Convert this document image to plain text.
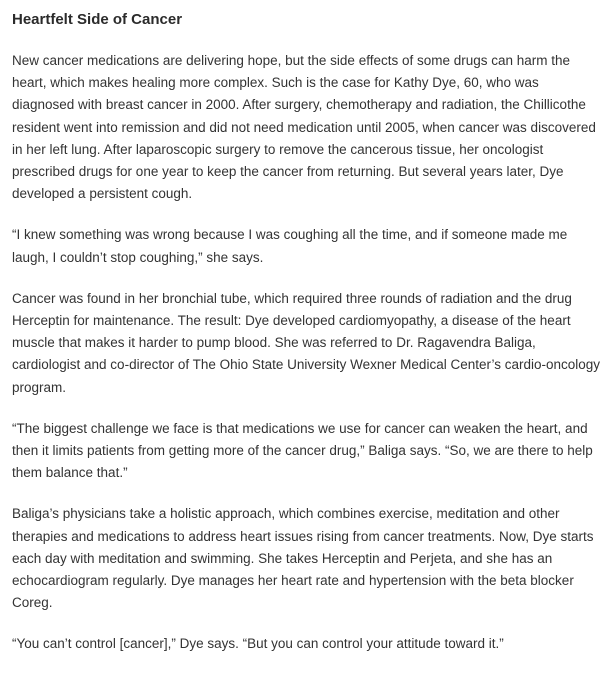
Heartfelt Side of Cancer

New cancer medications are delivering hope, but the side effects of some drugs can harm the heart, which makes healing more complex. Such is the case for Kathy Dye, 60, who was diagnosed with breast cancer in 2000. After surgery, chemotherapy and radiation, the Chillicothe resident went into remission and did not need medication until 2005, when cancer was discovered in her left lung. After laparoscopic surgery to remove the cancerous tissue, her oncologist prescribed drugs for one year to keep the cancer from returning. But several years later, Dye developed a persistent cough.

“I knew something was wrong because I was coughing all the time, and if someone made me laugh, I couldn’t stop coughing,” she says.

Cancer was found in her bronchial tube, which required three rounds of radiation and the drug Herceptin for maintenance. The result: Dye developed cardiomyopathy, a disease of the heart muscle that makes it harder to pump blood. She was referred to Dr. Ragavendra Baliga, cardiologist and co-director of The Ohio State University Wexner Medical Center’s cardio-oncology program.

“The biggest challenge we face is that medications we use for cancer can weaken the heart, and then it limits patients from getting more of the cancer drug,” Baliga says. “So, we are there to help them balance that.”

Baliga’s physicians take a holistic approach, which combines exercise, meditation and other therapies and medications to address heart issues rising from cancer treatments. Now, Dye starts each day with meditation and swimming. She takes Herceptin and Perjeta, and she has an echocardiogram regularly. Dye manages her heart rate and hypertension with the beta blocker Coreg.

“You can’t control [cancer],” Dye says. “But you can control your attitude toward it.”
